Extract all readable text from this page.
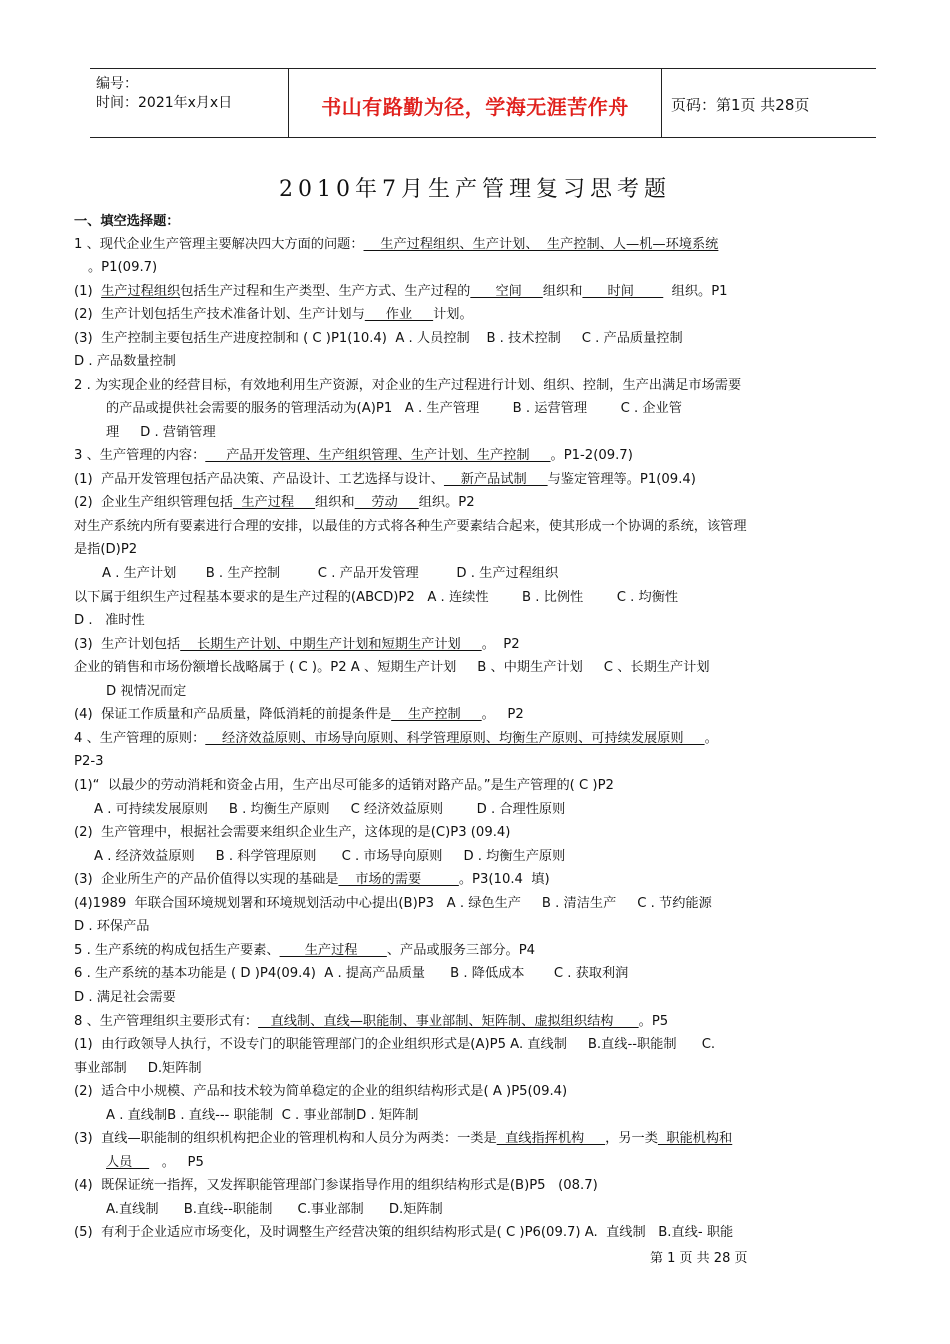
编号：
时间：2021年x月x日	书山有路勤为径，学海无涯苦作舟	页码：第1页 共28页
2010年7月生产管理复习思考题
一、填空选择题：
1 、现代企业生产管理主要解决四大方面的问题：    生产过程组织、生产计划、  生产控制、人—机—环境系统
。P1(09.7)
(1)  生产过程组织包括生产过程和生产类型、生产方式、生产过程的      空间     组织和      时间         组织。P1
(2)  生产计划包括生产技术准备计划、生产计划与     作业     计划。
(3)  生产控制主要包括生产进度控制和 ( C )P1(10.4)  A . 人员控制    B . 技术控制     C . 产品质量控制
D . 产品数量控制
2 . 为实现企业的经营目标，有效地利用生产资源，对企业的生产过程进行计划、组织、控制，生产出满足市场需要
的产品或提供社会需要的服务的管理活动为(A)P1   A . 生产管理        B . 运营管理        C . 企业管
理     D . 营销管理
3 、生产管理的内容：     产品开发管理、生产组织管理、生产计划、生产控制     。P1-2(09.7)
(1)  产品开发管理包括产品决策、产品设计、工艺选择与设计、    新产品试制     与鉴定管理等。P1(09.4)
(2)  企业生产组织管理包括  生产过程     组织和    劳动     组织。P2
对生产系统内所有要素进行合理的安排，以最佳的方式将各种生产要素结合起来，使其形成一个协调的系统，该管理
是指(D)P2
A . 生产计划       B . 生产控制         C . 产品开发管理         D . 生产过程组织
以下属于组织生产过程基本要求的是生产过程的(ABCD)P2   A . 连续性        B . 比例性        C . 均衡性
D .   准时性
(3)  生产计划包括    长期生产计划、中期生产计划和短期生产计划     。  P2
企业的销售和市场份额增长战略属于 ( C )。P2 A 、短期生产计划     B 、中期生产计划     C 、长期生产计划
D 视情况而定
(4)  保证工作质量和产品质量，降低消耗的前提条件是    生产控制     。   P2
4 、生产管理的原则：    经济效益原则、市场导向原则、科学管理原则、均衡生产原则、可持续发展原则     。
P2-3
(1)“  以最少的劳动消耗和资金占用，生产出尽可能多的适销对路产品。”是生产管理的( C )P2
A . 可持续发展原则     B . 均衡生产原则     C 经济效益原则        D . 合理性原则
(2)  生产管理中，根据社会需要来组织企业生产，这体现的是(C)P3 (09.4)
A . 经济效益原则     B . 科学管理原则      C . 市场导向原则     D . 均衡生产原则
(3)  企业所生产的产品价值得以实现的基础是    市场的需要         。P3(10.4  填)
(4)1989  年联合国环境规划署和环境规划活动中心提出(B)P3   A . 绿色生产     B . 清洁生产     C . 节约能源
D . 环保产品
5 . 生产系统的构成包括生产要素、      生产过程       、产品或服务三部分。P4
6 . 生产系统的基本功能是 ( D )P4(09.4)  A . 提高产品质量      B . 降低成本       C . 获取利润
D . 满足社会需要
8 、生产管理组织主要形式有：   直线制、直线—职能制、事业部制、矩阵制、虚拟组织结构      。P5
(1)  由行政领导人执行，不设专门的职能管理部门的企业组织形式是(A)P5 A. 直线制     B.直线--职能制      C.
事业部制     D.矩阵制
(2)  适合中小规模、产品和技术较为简单稳定的企业的组织结构形式是( A )P5(09.4)
A . 直线制B . 直线--- 职能制  C . 事业部制D . 矩阵制
(3)  直线—职能制的组织机构把企业的管理机构和人员分为两类：一类是  直线指挥机构     ，另一类  职能机构和
人员       。   P5
(4)  既保证统一指挥，又发挥职能管理部门参谋指导作用的组织结构形式是(B)P5   (08.7)
A.直线制      B.直线--职能制      C.事业部制      D.矩阵制
(5)  有利于企业适应市场变化，及时调整生产经营决策的组织结构形式是( C )P6(09.7) A.  直线制   B.直线- 职能
第 1 页 共 28 页
